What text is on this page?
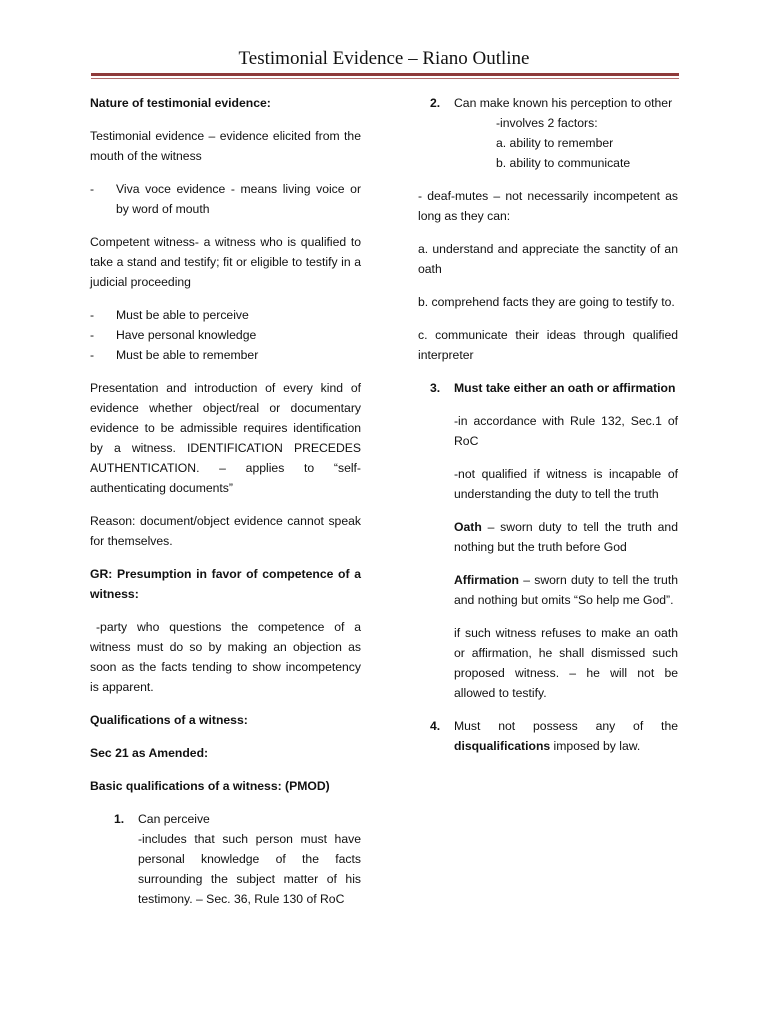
Testimonial Evidence – Riano Outline

Nature of testimonial evidence:

Testimonial evidence – evidence elicited from the mouth of the witness

- Viva voce evidence - means living voice or by word of mouth

Competent witness- a witness who is qualified to take a stand and testify; fit or eligible to testify in a judicial proceeding

- Must be able to perceive
- Have personal knowledge
- Must be able to remember

Presentation and introduction of every kind of evidence whether object/real or documentary evidence to be admissible requires identification by a witness. IDENTIFICATION PRECEDES AUTHENTICATION. – applies to “self-authenticating documents”

Reason: document/object evidence cannot speak for themselves.

GR: Presumption in favor of competence of a witness:

-party who questions the competence of a witness must do so by making an objection as soon as the facts tending to show incompetency is apparent.

Qualifications of a witness:

Sec 21 as Amended:

Basic qualifications of a witness: (PMOD)

1. Can perceive
-includes that such person must have personal knowledge of the facts surrounding the subject matter of his testimony. – Sec. 36, Rule 130 of RoC
2. Can make known his perception to other
-involves 2 factors:
a. ability to remember
b. ability to communicate

- deaf-mutes – not necessarily incompetent as long as they can:

a. understand and appreciate the sanctity of an oath

b. comprehend facts they are going to testify to.

c. communicate their ideas through qualified interpreter

3. Must take either an oath or affirmation

-in accordance with Rule 132, Sec.1 of RoC

-not qualified if witness is incapable of understanding the duty to tell the truth

Oath – sworn duty to tell the truth and nothing but the truth before God

Affirmation – sworn duty to tell the truth and nothing but omits “So help me God”.

if such witness refuses to make an oath or affirmation, he shall dismissed such proposed witness. – he will not be allowed to testify.

4. Must not possess any of the disqualifications imposed by law.
